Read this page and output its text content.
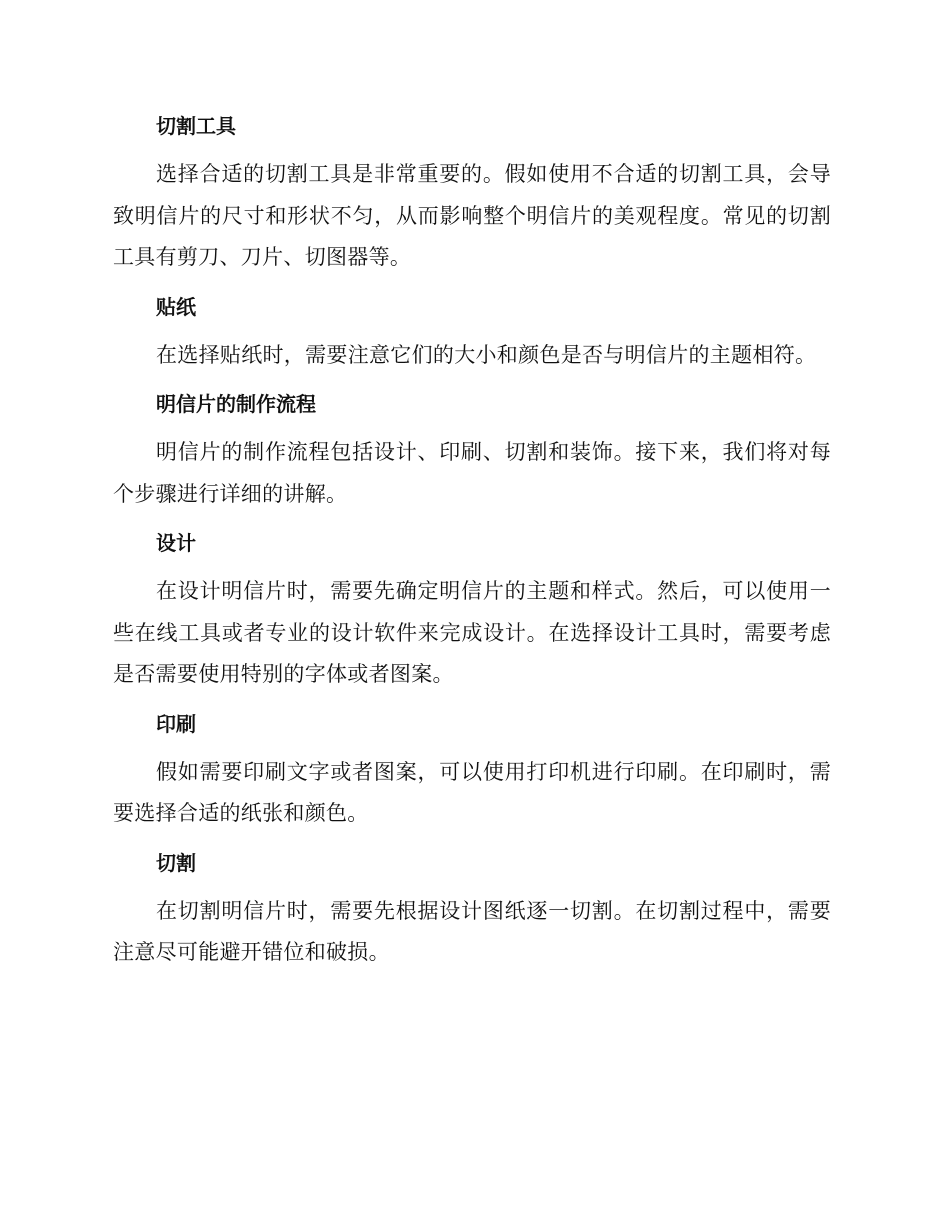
切割工具

选择合适的切割工具是非常重要的。假如使用不合适的切割工具，会导致明信片的尺寸和形状不匀，从而影响整个明信片的美观程度。常见的切割工具有剪刀、刀片、切图器等。

贴纸

在选择贴纸时，需要注意它们的大小和颜色是否与明信片的主题相符。

明信片的制作流程

明信片的制作流程包括设计、印刷、切割和装饰。接下来，我们将对每个步骤进行详细的讲解。

设计

在设计明信片时，需要先确定明信片的主题和样式。然后，可以使用一些在线工具或者专业的设计软件来完成设计。在选择设计工具时，需要考虑是否需要使用特别的字体或者图案。

印刷

假如需要印刷文字或者图案，可以使用打印机进行印刷。在印刷时，需要选择合适的纸张和颜色。

切割

在切割明信片时，需要先根据设计图纸逐一切割。在切割过程中，需要注意尽可能避开错位和破损。
